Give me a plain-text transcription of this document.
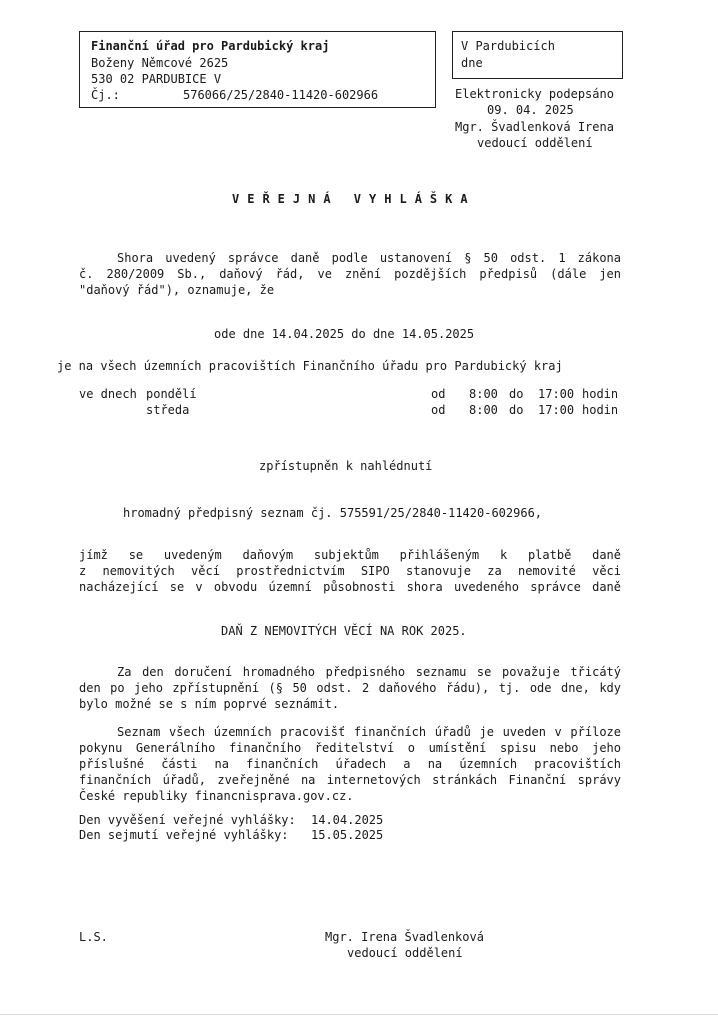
Finanční úřad pro Pardubický kraj
Boženy Němcové 2625
530 02 PARDUBICE V
Čj.:	576066/25/2840-11420-602966
V Pardubicích
dne
Elektronicky podepsáno
09. 04. 2025
Mgr. Švadlenková Irena
vedoucí oddělení
VEŘEJNÁ VYHLÁŠKA
Shora uvedený správce daně podle ustanovení § 50 odst. 1 zákona
č. 280/2009 Sb., daňový řád, ve znění pozdějších předpisů (dále jen
"daňový řád"), oznamuje, že
ode dne 14.04.2025 do dne 14.05.2025
je na všech územních pracovištích Finančního úřadu pro Pardubický kraj
ve dnech pondělí	od 8:00 do 17:00 hodin
středa	od 8:00 do 17:00 hodin
zpřístupněn k nahlédnutí
hromadný předpisný seznam čj. 575591/25/2840-11420-602966,
jímž se uvedeným daňovým subjektům přihlášeným k platbě daně
z nemovitých věcí prostřednictvím SIPO stanovuje za nemovité věci
nacházející se v obvodu územní působnosti shora uvedeného správce daně
DAŇ Z NEMOVITÝCH VĚCÍ NA ROK 2025.
Za den doručení hromadného předpisného seznamu se považuje třicátý
den po jeho zpřístupnění (§ 50 odst. 2 daňového řádu), tj. ode dne, kdy
bylo možné se s ním poprvé seznámit.
Seznam všech územních pracovišť finančních úřadů je uveden v příloze
pokynu Generálního finančního ředitelství o umístění spisu nebo jeho
příslušné části na finančních úřadech a na územních pracovištích
finančních úřadů, zveřejněné na internetových stránkách Finanční správy
České republiky financnisprava.gov.cz.
Den vyvěšení veřejné vyhlášky: 14.04.2025
Den sejmutí veřejné vyhlášky: 15.05.2025
L.S.	Mgr. Irena Švadlenková
vedoucí oddělení
